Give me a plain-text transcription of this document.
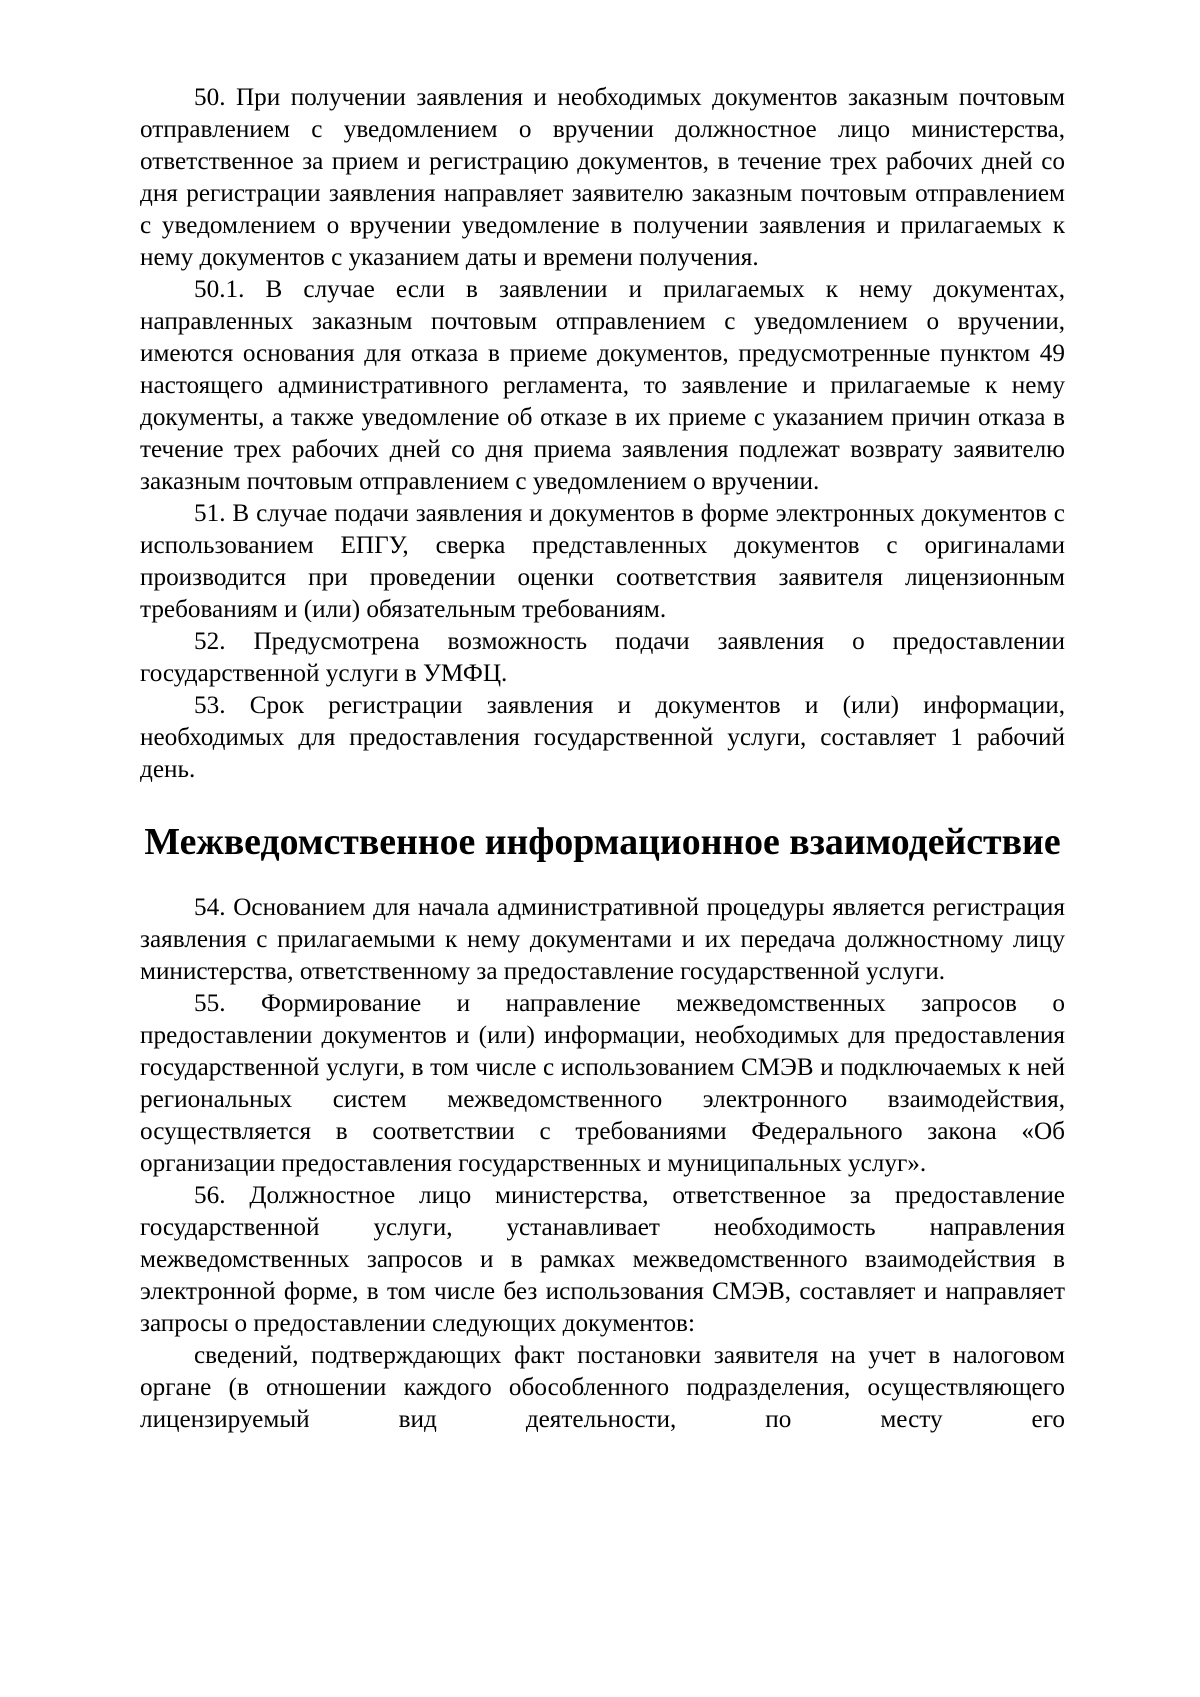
50. При получении заявления и необходимых документов заказным почтовым отправлением с уведомлением о вручении должностное лицо министерства, ответственное за прием и регистрацию документов, в течение трех рабочих дней со дня регистрации заявления направляет заявителю заказным почтовым отправлением с уведомлением о вручении уведомление в получении заявления и прилагаемых к нему документов с указанием даты и времени получения.

50.1. В случае если в заявлении и прилагаемых к нему документах, направленных заказным почтовым отправлением с уведомлением о вручении, имеются основания для отказа в приеме документов, предусмотренные пунктом 49 настоящего административного регламента, то заявление и прилагаемые к нему документы, а также уведомление об отказе в их приеме с указанием причин отказа в течение трех рабочих дней со дня приема заявления подлежат возврату заявителю заказным почтовым отправлением с уведомлением о вручении.

51. В случае подачи заявления и документов в форме электронных документов с использованием ЕПГУ, сверка представленных документов с оригиналами производится при проведении оценки соответствия заявителя лицензионным требованиям и (или) обязательным требованиям.

52. Предусмотрена возможность подачи заявления о предоставлении государственной услуги в УМФЦ.

53. Срок регистрации заявления и документов и (или) информации, необходимых для предоставления государственной услуги, составляет 1 рабочий день.

Межведомственное информационное взаимодействие

54. Основанием для начала административной процедуры является регистрация заявления с прилагаемыми к нему документами и их передача должностному лицу министерства, ответственному за предоставление государственной услуги.

55. Формирование и направление межведомственных запросов о предоставлении документов и (или) информации, необходимых для предоставления государственной услуги, в том числе с использованием СМЭВ и подключаемых к ней региональных систем межведомственного электронного взаимодействия, осуществляется в соответствии с требованиями Федерального закона «Об организации предоставления государственных и муниципальных услуг».

56. Должностное лицо министерства, ответственное за предоставление государственной услуги, устанавливает необходимость направления межведомственных запросов и в рамках межведомственного взаимодействия в электронной форме, в том числе без использования СМЭВ, составляет и направляет запросы о предоставлении следующих документов:

сведений, подтверждающих факт постановки заявителя на учет в налоговом органе (в отношении каждого обособленного подразделения, осуществляющего лицензируемый вид деятельности, по месту его
